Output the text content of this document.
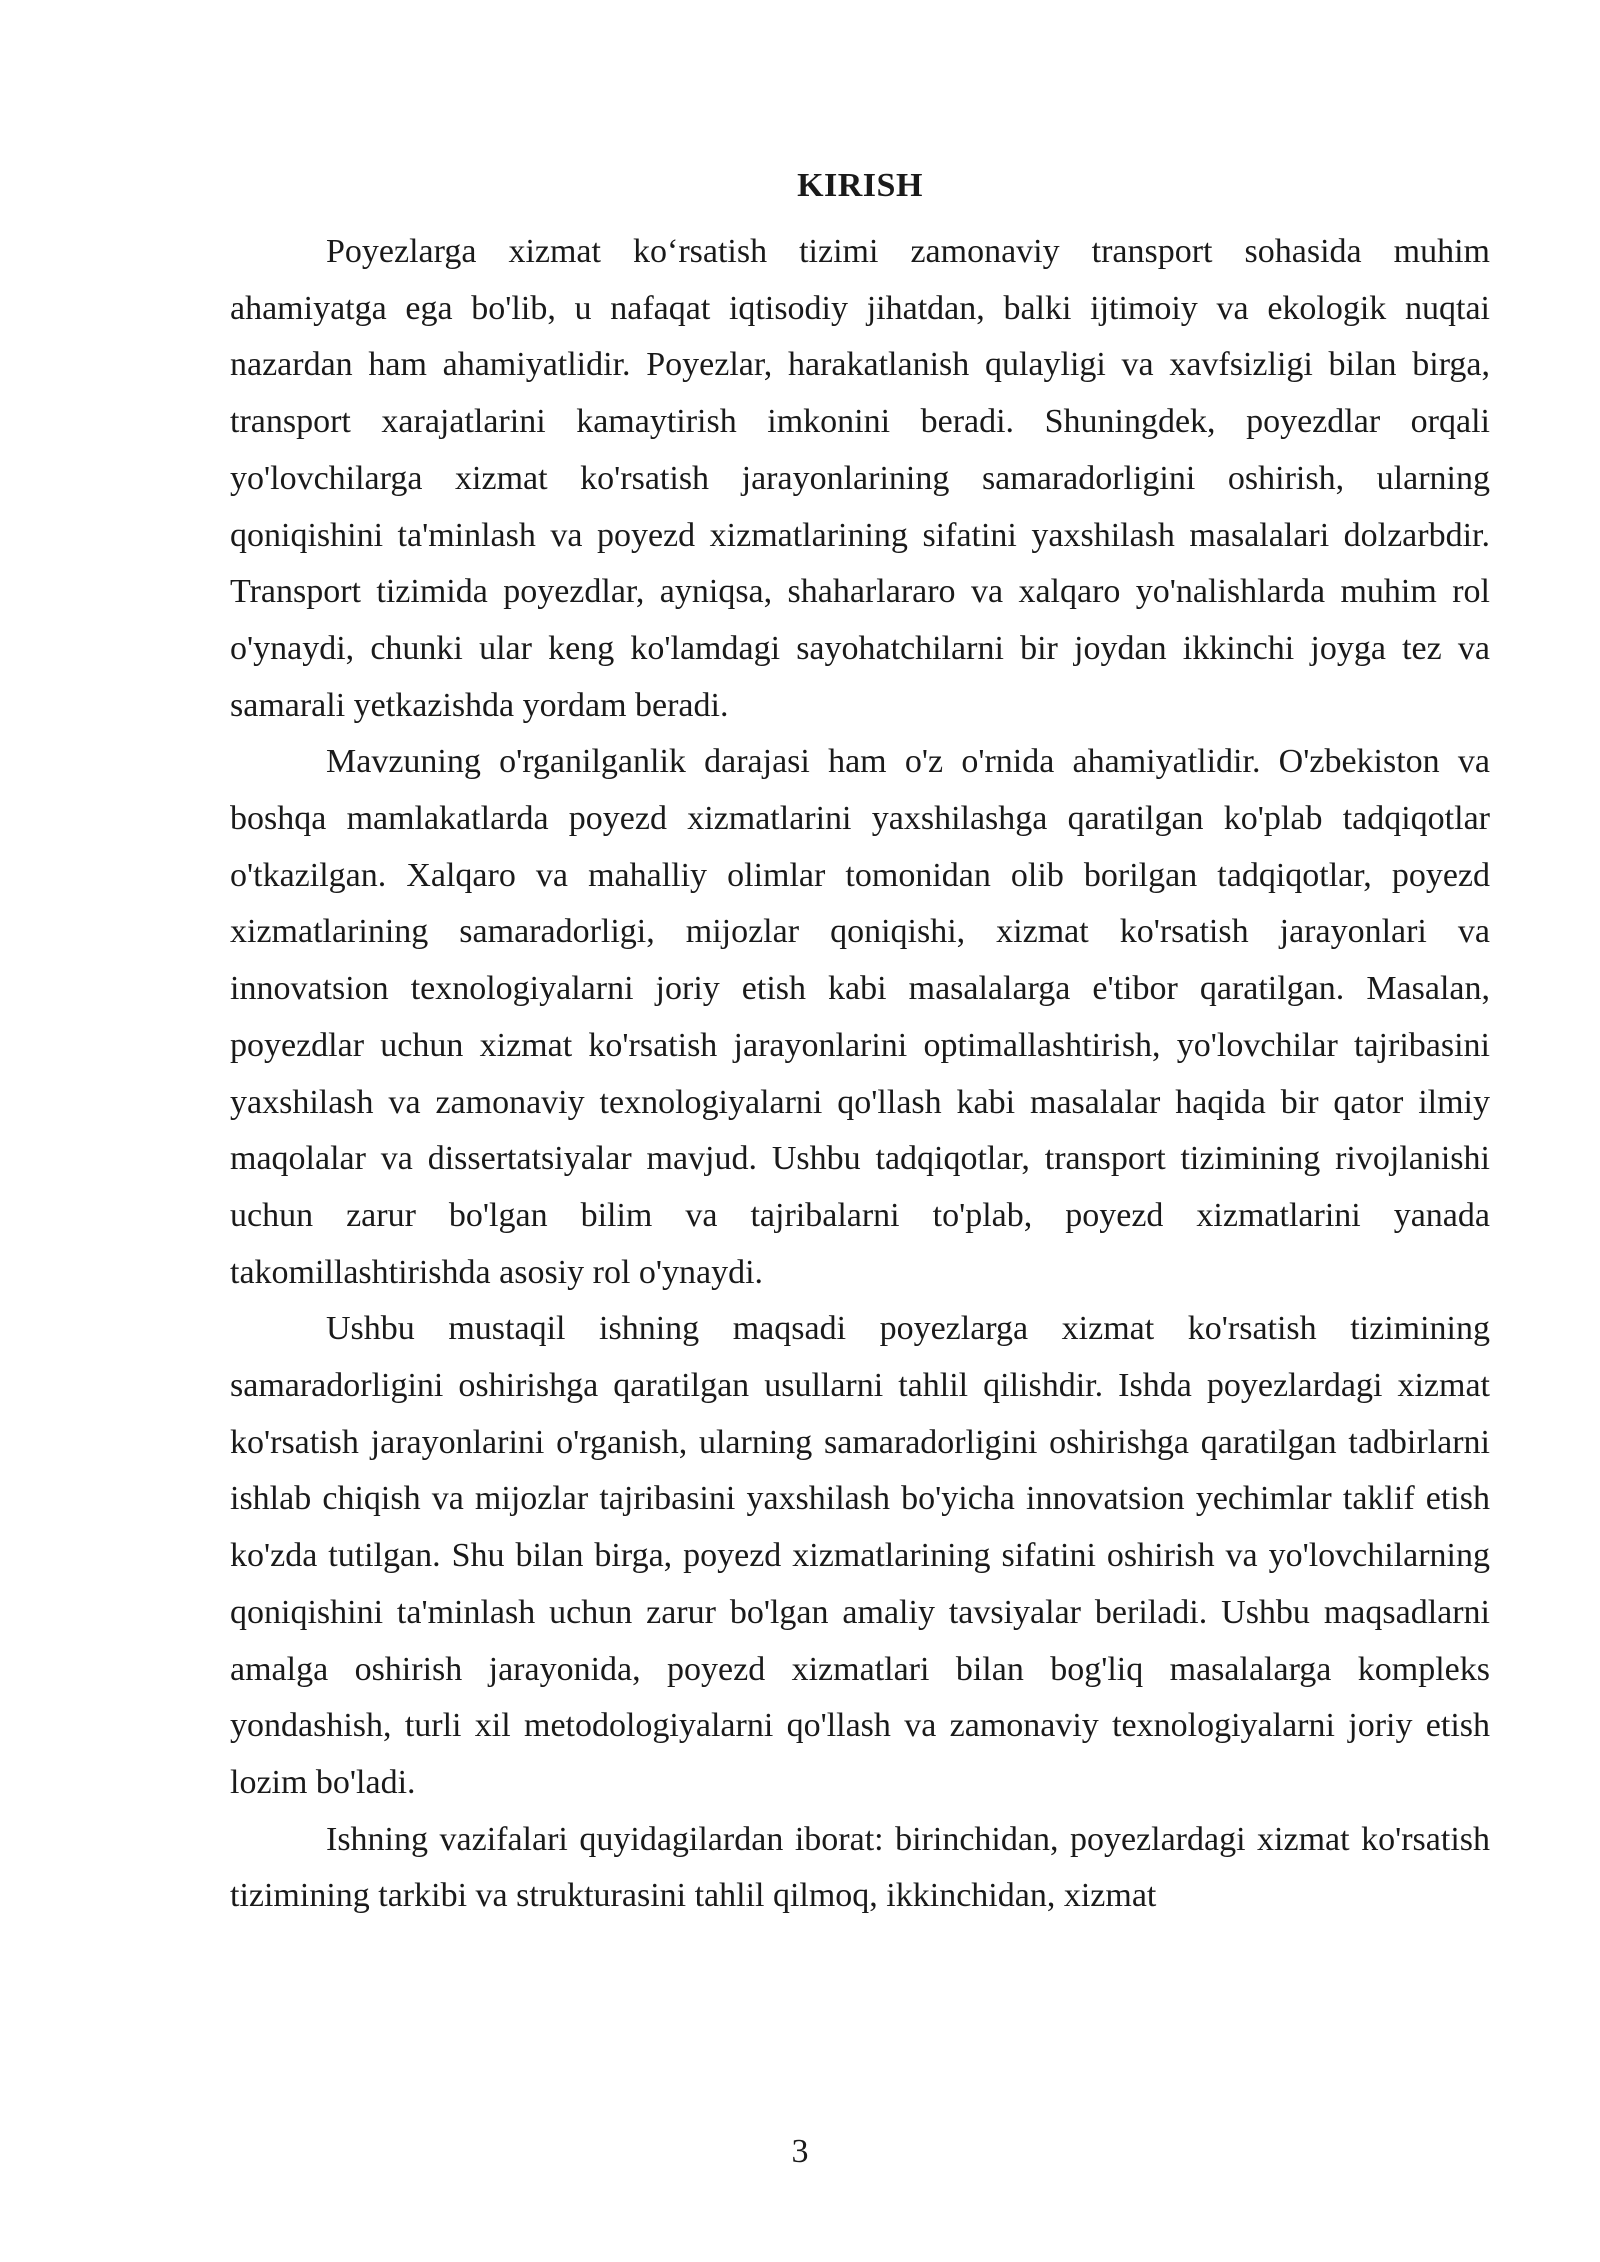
KIRISH

Poyezlarga xizmat ko‘rsatish tizimi zamonaviy transport sohasida muhim ahamiyatga ega bo'lib, u nafaqat iqtisodiy jihatdan, balki ijtimoiy va ekologik nuqtai nazardan ham ahamiyatlidir. Poyezlar, harakatlanish qulayligi va xavfsizligi bilan birga, transport xarajatlarini kamaytirish imkonini beradi. Shuningdek, poyezdlar orqali yo'lovchilarga xizmat ko'rsatish jarayonlarining samaradorligini oshirish, ularning qoniqishini ta'minlash va poyezd xizmatlarining sifatini yaxshilash masalalari dolzarbdir. Transport tizimida poyezdlar, ayniqsa, shaharlararo va xalqaro yo'nalishlarda muhim rol o'ynaydi, chunki ular keng ko'lamdagi sayohatchilarni bir joydan ikkinchi joyga tez va samarali yetkazishda yordam beradi.

Mavzuning o'rganilganlik darajasi ham o'z o'rnida ahamiyatlidir. O'zbekiston va boshqa mamlakatlarda poyezd xizmatlarini yaxshilashga qaratilgan ko'plab tadqiqotlar o'tkazilgan. Xalqaro va mahalliy olimlar tomonidan olib borilgan tadqiqotlar, poyezd xizmatlarining samaradorligi, mijozlar qoniqishi, xizmat ko'rsatish jarayonlari va innovatsion texnologiyalarni joriy etish kabi masalalarga e'tibor qaratilgan. Masalan, poyezdlar uchun xizmat ko'rsatish jarayonlarini optimallashtirish, yo'lovchilar tajribasini yaxshilash va zamonaviy texnologiyalarni qo'llash kabi masalalar haqida bir qator ilmiy maqolalar va dissertatsiyalar mavjud. Ushbu tadqiqotlar, transport tizimining rivojlanishi uchun zarur bo'lgan bilim va tajribalarni to'plab, poyezd xizmatlarini yanada takomillashtirishda asosiy rol o'ynaydi.

Ushbu mustaqil ishning maqsadi poyezlarga xizmat ko'rsatish tizimining samaradorligini oshirishga qaratilgan usullarni tahlil qilishdir. Ishda poyezlardagi xizmat ko'rsatish jarayonlarini o'rganish, ularning samaradorligini oshirishga qaratilgan tadbirlarni ishlab chiqish va mijozlar tajribasini yaxshilash bo'yicha innovatsion yechimlar taklif etish ko'zda tutilgan. Shu bilan birga, poyezd xizmatlarining sifatini oshirish va yo'lovchilarning qoniqishini ta'minlash uchun zarur bo'lgan amaliy tavsiyalar beriladi. Ushbu maqsadlarni amalga oshirish jarayonida, poyezd xizmatlari bilan bog'liq masalalarga kompleks yondashish, turli xil metodologiyalarni qo'llash va zamonaviy texnologiyalarni joriy etish lozim bo'ladi.

Ishning vazifalari quyidagilardan iborat: birinchidan, poyezlardagi xizmat ko'rsatish tizimining tarkibi va strukturasini tahlil qilmoq, ikkinchidan, xizmat

3
